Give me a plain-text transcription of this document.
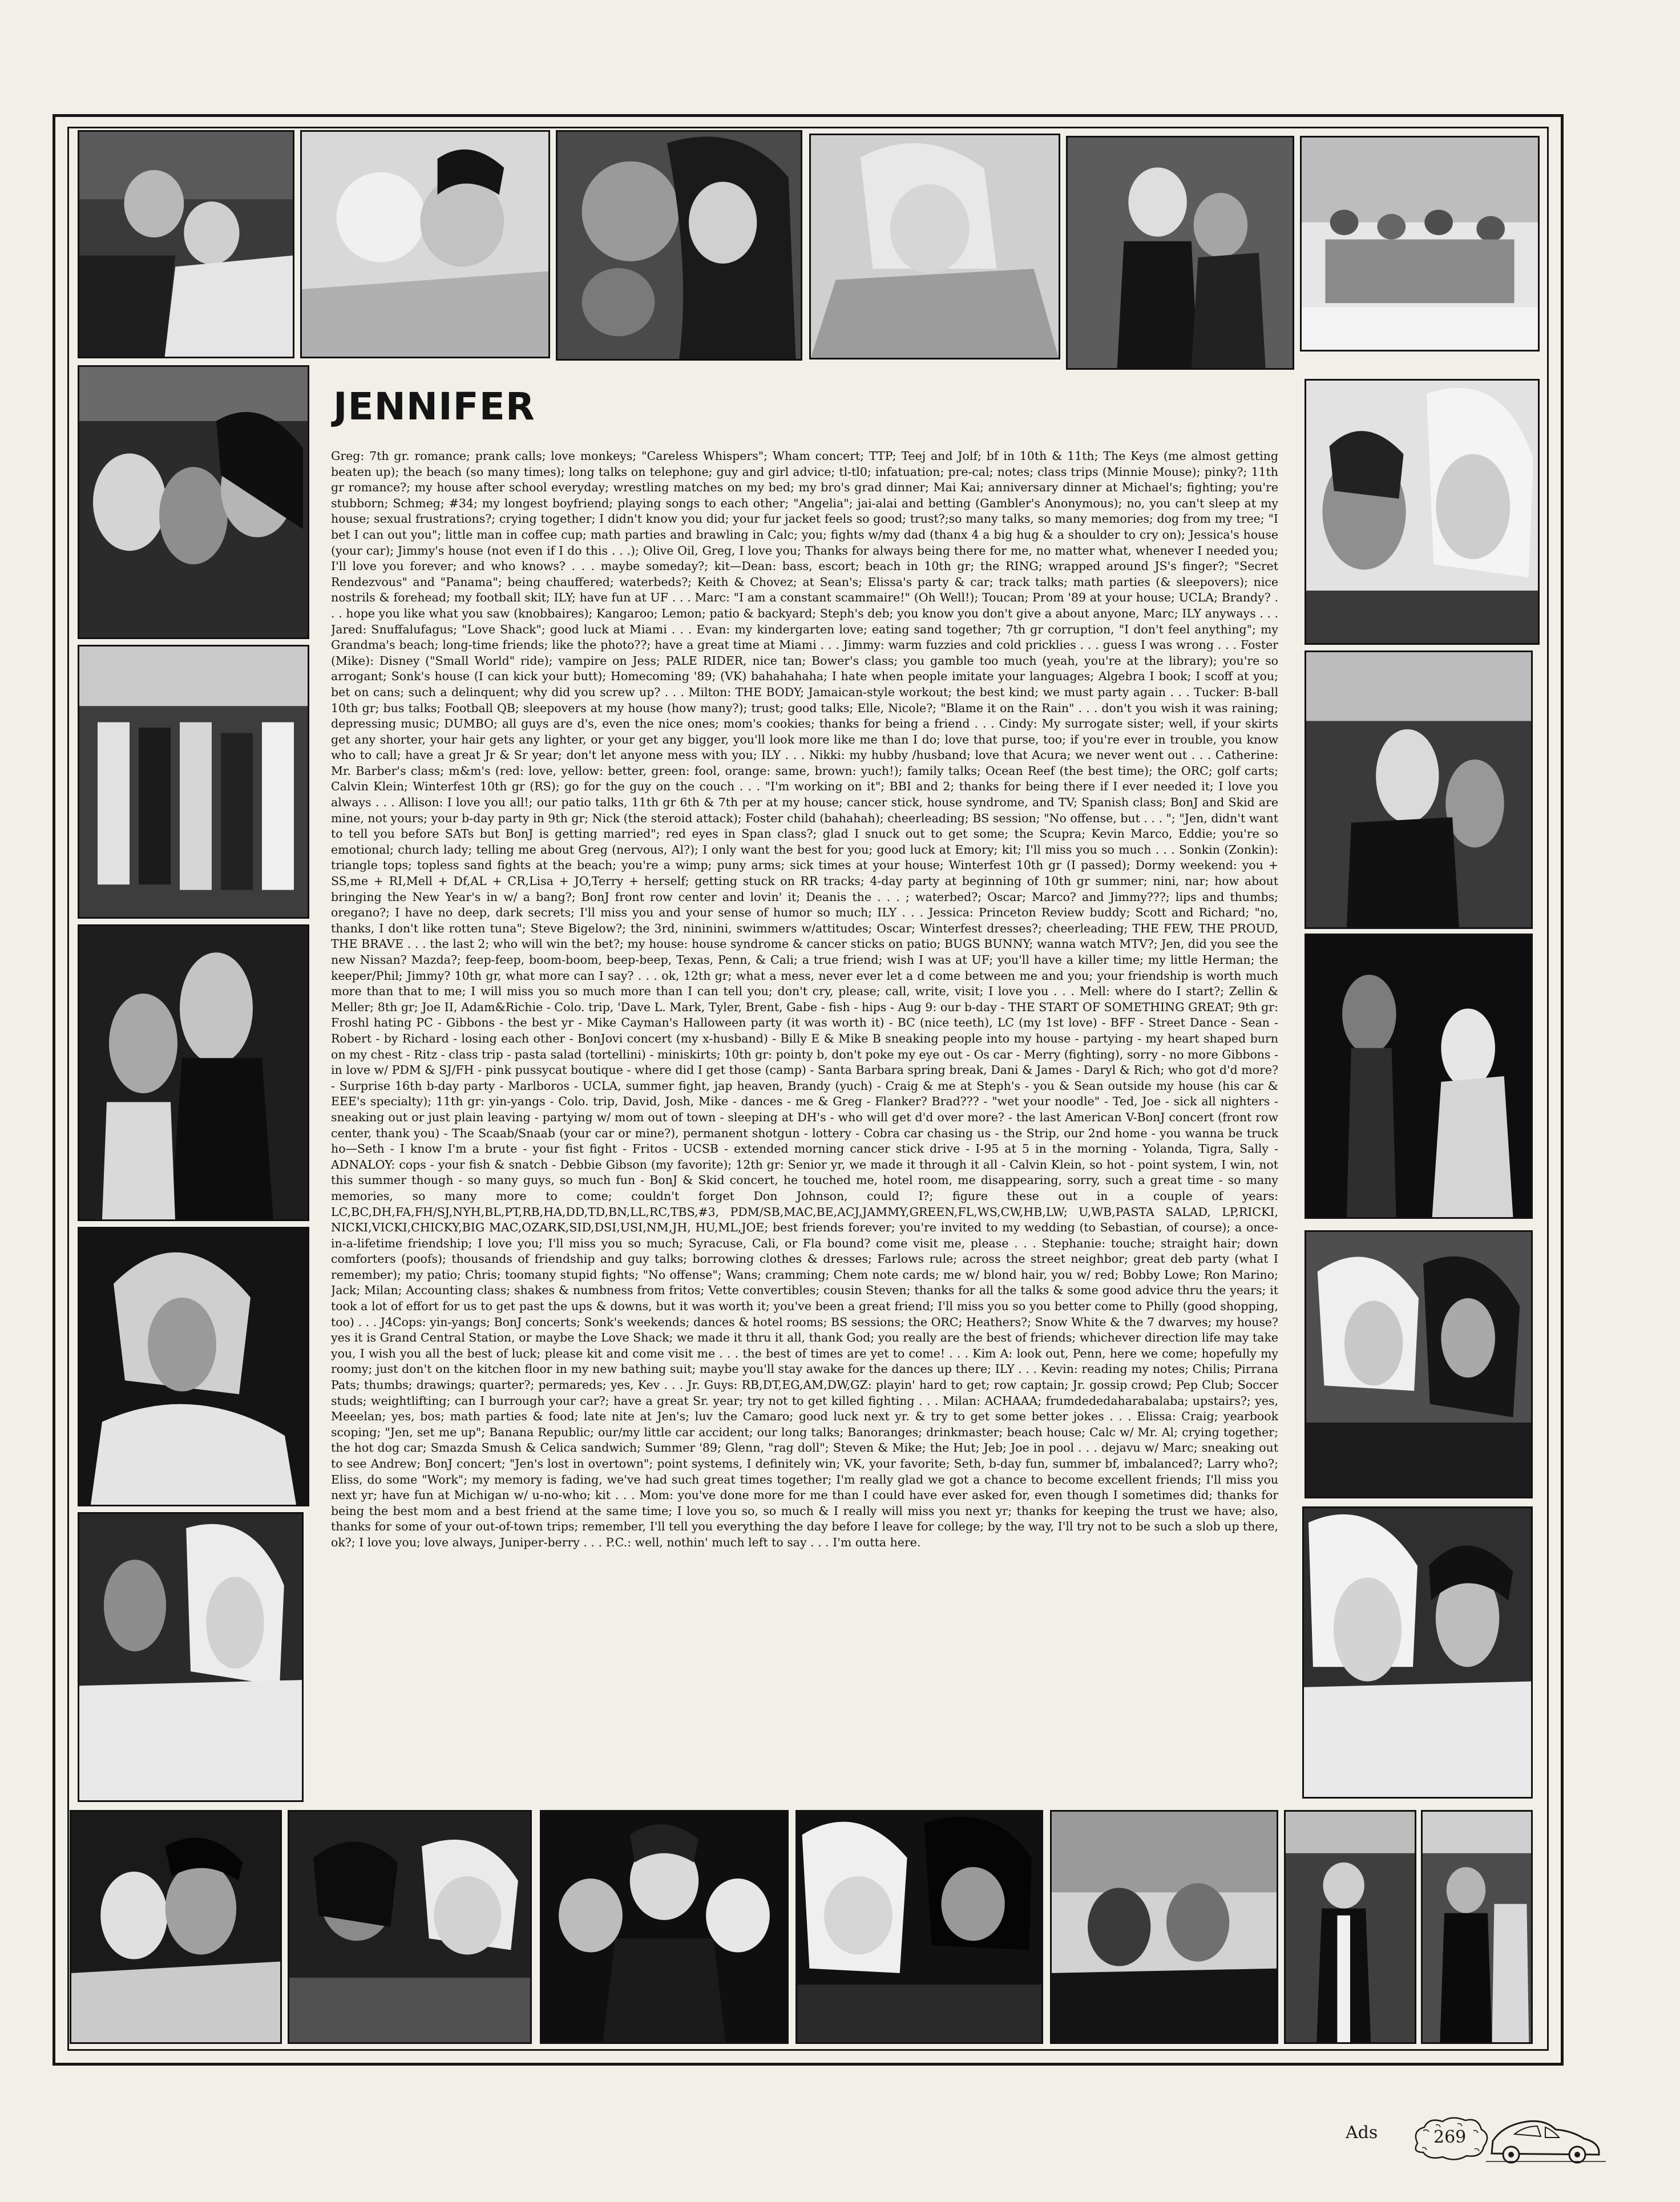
JENNIFER

Greg: 7th gr. romance; prank calls; love monkeys; "Careless Whispers"; Wham concert; TTP; Teej and Jolf; bf in 10th & 11th; The Keys (me almost getting beaten up); the beach (so many times); long talks on telephone; guy and girl advice; tl-tl0; infatuation; pre-cal; notes; class trips (Minnie Mouse); pinky?; 11th gr romance?; my house after school everyday; wrestling matches on my bed; my bro's grad dinner; Mai Kai; anniversary dinner at Michael's; fighting; you're stubborn; Schmeg; #34; my longest boyfriend; playing songs to each other; "Angelia"; jai-alai and betting (Gambler's Anonymous); no, you can't sleep at my house; sexual frustrations?; crying together; I didn't know you did; your fur jacket feels so good; trust?;so many talks, so many memories; dog from my tree; "I bet I can out you"; little man in coffee cup; math parties and brawling in Calc; you; fights w/my dad (thanx 4 a big hug & a shoulder to cry on); Jessica's house (your car); Jimmy's house (not even if I do this . . .); Olive Oil, Greg, I love you; Thanks for always being there for me, no matter what, whenever I needed you; I'll love you forever; and who knows? . . . maybe someday?; kit—Dean: bass, escort; beach in 10th gr; the RING; wrapped around JS's finger?; "Secret Rendezvous" and "Panama"; being chauffered; waterbeds?; Keith & Chovez; at Sean's; Elissa's party & car; track talks; math parties (& sleepovers); nice nostrils & forehead; my football skit; ILY; have fun at UF . . . Marc: "I am a constant scammaire!" (Oh Well!); Toucan; Prom '89 at your house; UCLA; Brandy? . . . hope you like what you saw (knobbaires); Kangaroo; Lemon; patio & backyard; Steph's deb; you know you don't give a about anyone, Marc; ILY anyways . . . Jared: Snuffalufagus; "Love Shack"; good luck at Miami . . . Evan: my kindergarten love; eating sand together; 7th gr corruption, "I don't feel anything"; my Grandma's beach; long-time friends; like the photo??; have a great time at Miami . . . Jimmy: warm fuzzies and cold pricklies . . . guess I was wrong . . . Foster (Mike): Disney ("Small World" ride); vampire on Jess; PALE RIDER, nice tan; Bower's class; you gamble too much (yeah, you're at the library); you're so arrogant; Sonk's house (I can kick your butt); Homecoming '89; (VK) bahahahaha; I hate when people imitate your languages; Algebra I book; I scoff at you; bet on cans; such a delinquent; why did you screw up? . . . Milton: THE BODY; Jamaican-style workout; the best kind; we must party again . . . Tucker: B-ball 10th gr; bus talks; Football QB; sleepovers at my house (how many?); trust; good talks; Elle, Nicole?; "Blame it on the Rain" . . . don't you wish it was raining; depressing music; DUMBO; all guys are d's, even the nice ones; mom's cookies; thanks for being a friend . . . Cindy: My surrogate sister; well, if your skirts get any shorter, your hair gets any lighter, or your get any bigger, you'll look more like me than I do; love that purse, too; if you're ever in trouble, you know who to call; have a great Jr & Sr year; don't let anyone mess with you; ILY . . . Nikki: my hubby /husband; love that Acura; we never went out . . . Catherine: Mr. Barber's class; m&m's (red: love, yellow: better, green: fool, orange: same, brown: yuch!); family talks; Ocean Reef (the best time); the ORC; golf carts; Calvin Klein; Winterfest 10th gr (RS); go for the guy on the couch . . . "I'm working on it"; BBI and 2; thanks for being there if I ever needed it; I love you always . . . Allison: I love you all!; our patio talks, 11th gr 6th & 7th per at my house; cancer stick, house syndrome, and TV; Spanish class; BonJ and Skid are mine, not yours; your b-day party in 9th gr; Nick (the steroid attack); Foster child (bahahah); cheerleading; BS session; "No offense, but . . . "; "Jen, didn't want to tell you before SATs but BonJ is getting married"; red eyes in Span class?; glad I snuck out to get some; the Scupra; Kevin Marco, Eddie; you're so emotional; church lady; telling me about Greg (nervous, Al?); I only want the best for you; good luck at Emory; kit; I'll miss you so much . . . Sonkin (Zonkin): triangle tops; topless sand fights at the beach; you're a wimp; puny arms; sick times at your house; Winterfest 10th gr (I passed); Dormy weekend: you + SS,me + RI,Mell + Df,AL + CR,Lisa + JO,Terry + herself; getting stuck on RR tracks; 4-day party at beginning of 10th gr summer; nini, nar; how about bringing the New Year's in w/ a bang?; BonJ front row center and lovin' it; Deanis the . . . ; waterbed?; Oscar; Marco? and Jimmy???; lips and thumbs; oregano?; I have no deep, dark secrets; I'll miss you and your sense of humor so much; ILY . . . Jessica: Princeton Review buddy; Scott and Richard; "no, thanks, I don't like rotten tuna"; Steve Bigelow?; the 3rd, nininini, swimmers w/attitudes; Oscar; Winterfest dresses?; cheerleading; THE FEW, THE PROUD, THE BRAVE . . . the last 2; who will win the bet?; my house: house syndrome & cancer sticks on patio; BUGS BUNNY; wanna watch MTV?; Jen, did you see the new Nissan? Mazda?; feep-feep, boom-boom, beep-beep, Texas, Penn, & Cali; a true friend; wish I was at UF; you'll have a killer time; my little Herman; the keeper/Phil; Jimmy? 10th gr, what more can I say? . . . ok, 12th gr; what a mess, never ever let a d come between me and you; your friendship is worth much more than that to me; I will miss you so much more than I can tell you; don't cry, please; call, write, visit; I love you . . . Mell: where do I start?; Zellin & Meller; 8th gr; Joe II, Adam&Richie - Colo. trip, 'Dave L. Mark, Tyler, Brent, Gabe - fish - hips - Aug 9: our b-day - THE START OF SOMETHING GREAT; 9th gr: Froshl hating PC - Gibbons - the best yr - Mike Cayman's Halloween party (it was worth it) - BC (nice teeth), LC (my 1st love) - BFF - Street Dance - Sean - Robert - by Richard - losing each other - BonJovi concert (my x-husband) - Billy E & Mike B sneaking people into my house - partying - my heart shaped burn on my chest - Ritz - class trip - pasta salad (tortellini) - miniskirts; 10th gr: pointy b, don't poke my eye out - Os car - Merry (fighting), sorry - no more Gibbons - in love w/ PDM & SJ/FH - pink pussycat boutique - where did I get those (camp) - Santa Barbara spring break, Dani & James - Daryl & Rich; who got d'd more? - Surprise 16th b-day party - Marlboros - UCLA, summer fight, jap heaven, Brandy (yuch) - Craig & me at Steph's - you & Sean outside my house (his car & EEE's specialty); 11th gr: yin-yangs - Colo. trip, David, Josh, Mike - dances - me & Greg - Flanker? Brad??? - "wet your noodle" - Ted, Joe - sick all nighters - sneaking out or just plain leaving - partying w/ mom out of town - sleeping at DH's - who will get d'd over more? - the last American V-BonJ concert (front row center, thank you) - The Scaab/Snaab (your car or mine?), permanent shotgun - lottery - Cobra car chasing us - the Strip, our 2nd home - you wanna be truck ho—Seth - I know I'm a brute - your fist fight - Fritos - UCSB - extended morning cancer stick drive - I-95 at 5 in the morning - Yolanda, Tigra, Sally - ADNALOY: cops - your fish & snatch - Debbie Gibson (my favorite); 12th gr: Senior yr, we made it through it all - Calvin Klein, so hot - point system, I win, not this summer though - so many guys, so much fun - BonJ & Skid concert, he touched me, hotel room, me disappearing, sorry, such a great time - so many memories, so many more to come; couldn't forget Don Johnson, could I?; figure these out in a couple of years: LC,BC,DH,FA,FH/SJ,NYH,BL,PT,RB,HA,DD,TD,BN,LL,RC,TBS,#3, PDM/SB,MAC,BE,ACJ,JAMMY,GREEN,FL,WS,CW,HB,LW; U,WB,PASTA SALAD, LP,RICKI, NICKI,VICKI,CHICKY,BIG MAC,OZARK,SID,DSI,USI,NM,JH, HU,ML,JOE; best friends forever; you're invited to my wedding (to Sebastian, of course); a once-in-a-lifetime friendship; I love you; I'll miss you so much; Syracuse, Cali, or Fla bound? come visit me, please . . . Stephanie: touche; straight hair; down comforters (poofs); thousands of friendship and guy talks; borrowing clothes & dresses; Farlows rule; across the street neighbor; great deb party (what I remember); my patio; Chris; toomany stupid fights; "No offense"; Wans; cramming; Chem note cards; me w/ blond hair, you w/ red; Bobby Lowe; Ron Marino; Jack; Milan; Accounting class; shakes & numbness from fritos; Vette convertibles; cousin Steven; thanks for all the talks & some good advice thru the years; it took a lot of effort for us to get past the ups & downs, but it was worth it; you've been a great friend; I'll miss you so you better come to Philly (good shopping, too) . . . J4Cops: yin-yangs; BonJ concerts; Sonk's weekends; dances & hotel rooms; BS sessions; the ORC; Heathers?; Snow White & the 7 dwarves; my house? yes it is Grand Central Station, or maybe the Love Shack; we made it thru it all, thank God; you really are the best of friends; whichever direction life may take you, I wish you all the best of luck; please kit and come visit me . . . the best of times are yet to come! . . . Kim A: look out, Penn, here we come; hopefully my roomy; just don't on the kitchen floor in my new bathing suit; maybe you'll stay awake for the dances up there; ILY . . . Kevin: reading my notes; Chilis; Pirrana Pats; thumbs; drawings; quarter?; permareds; yes, Kev . . . Jr. Guys: RB,DT,EG,AM,DW,GZ: playin' hard to get; row captain; Jr. gossip crowd; Pep Club; Soccer studs; weightlifting; can I burrough your car?; have a great Sr. year; try not to get killed fighting . . . Milan: ACHAAA; frumdededaharabalaba; upstairs?; yes, Meeelan; yes, bos; math parties & food; late nite at Jen's; luv the Camaro; good luck next yr. & try to get some better jokes . . . Elissa: Craig; yearbook scoping; "Jen, set me up"; Banana Republic; our/my little car accident; our long talks; Banoranges; drinkmaster; beach house; Calc w/ Mr. Al; crying together; the hot dog car; Smazda Smush & Celica sandwich; Summer '89; Glenn, "rag doll"; Steven & Mike; the Hut; Jeb; Joe in pool . . . dejavu w/ Marc; sneaking out to see Andrew; BonJ concert; "Jen's lost in overtown"; point systems, I definitely win; VK, your favorite; Seth, b-day fun, summer bf, imbalanced?; Larry who?; Eliss, do some "Work"; my memory is fading, we've had such great times together; I'm really glad we got a chance to become excellent friends; I'll miss you next yr; have fun at Michigan w/ u-no-who; kit . . . Mom: you've done more for me than I could have ever asked for, even though I sometimes did; thanks for being the best mom and a best friend at the same time; I love you so, so much & I really will miss you next yr; thanks for keeping the trust we have; also, thanks for some of your out-of-town trips; remember, I'll tell you everything the day before I leave for college; by the way, I'll try not to be such a slob up there, ok?; I love you; love always, Juniper-berry . . . P.C.: well, nothin' much left to say . . . I'm outta here.

Ads	269
